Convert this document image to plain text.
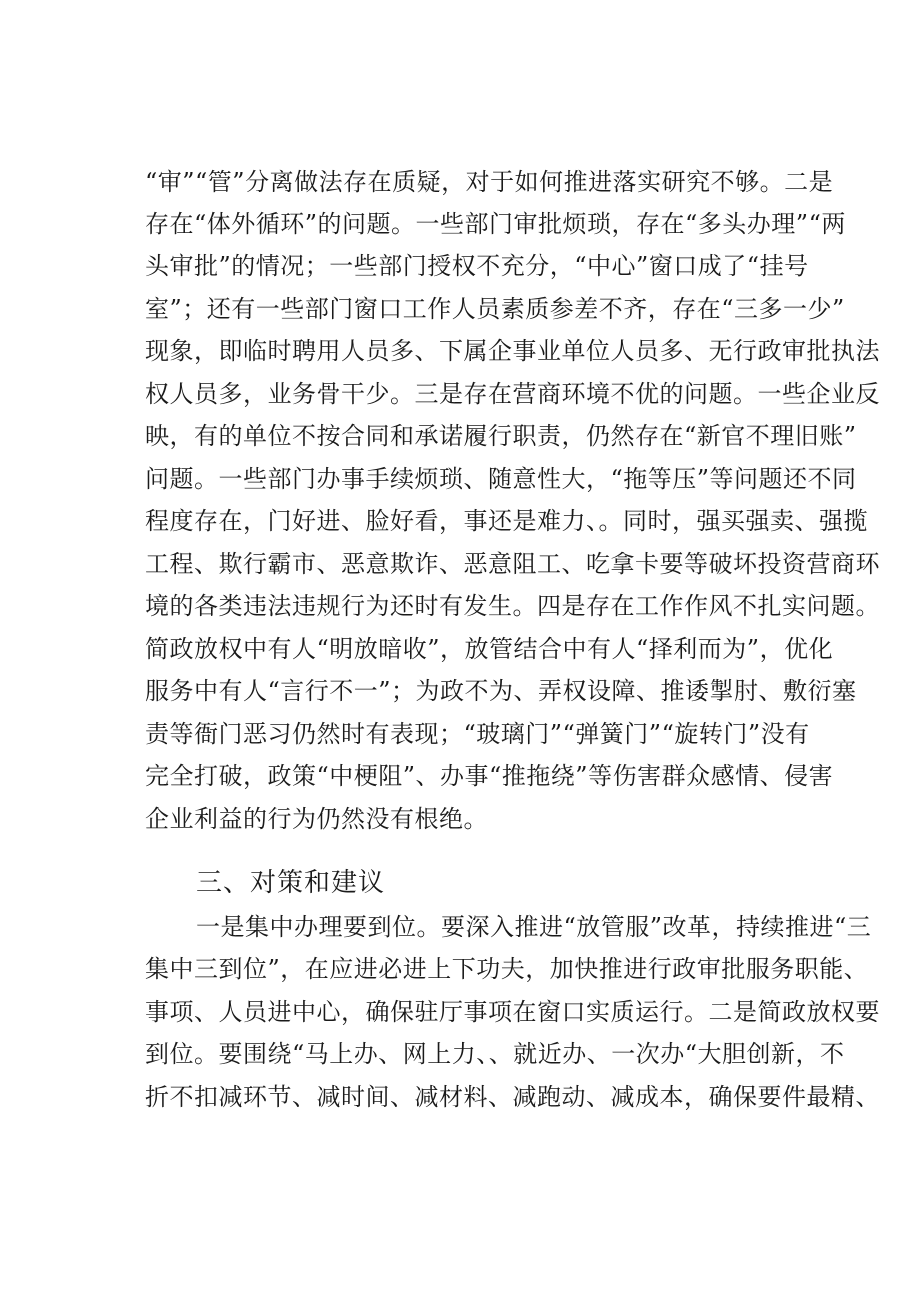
“审”“管”分离做法存在质疑，对于如何推进落实研究不够。二是
存在“体外循环”的问题。一些部门审批烦琐，存在“多头办理”“两
头审批”的情况；一些部门授权不充分，“中心”窗口成了“挂号
室”；还有一些部门窗口工作人员素质参差不齐，存在“三多一少”
现象，即临时聘用人员多、下属企事业单位人员多、无行政审批执法
权人员多，业务骨干少。三是存在营商环境不优的问题。一些企业反
映，有的单位不按合同和承诺履行职责，仍然存在“新官不理旧账”
问题。一些部门办事手续烦琐、随意性大，“拖等压”等问题还不同
程度存在，门好进、脸好看，事还是难力、。同时，强买强卖、强揽
工程、欺行霸市、恶意欺诈、恶意阻工、吃拿卡要等破坏投资营商环
境的各类违法违规行为还时有发生。四是存在工作作风不扎实问题。
简政放权中有人“明放暗收”，放管结合中有人“择利而为”，优化
服务中有人“言行不一”；为政不为、弄权设障、推诿掣肘、敷衍塞
责等衙门恶习仍然时有表现；“玻璃门”“弹簧门”“旋转门”没有
完全打破，政策“中梗阻”、办事“推拖绕”等伤害群众感情、侵害
企业利益的行为仍然没有根绝。
三、对策和建议
一是集中办理要到位。要深入推进“放管服”改革，持续推进“三
集中三到位”，在应进必进上下功夫，加快推进行政审批服务职能、
事项、人员进中心，确保驻厅事项在窗口实质运行。二是简政放权要
到位。要围绕“马上办、网上力、、就近办、一次办“大胆创新，不
折不扣减环节、减时间、减材料、减跑动、减成本，确保要件最精、
